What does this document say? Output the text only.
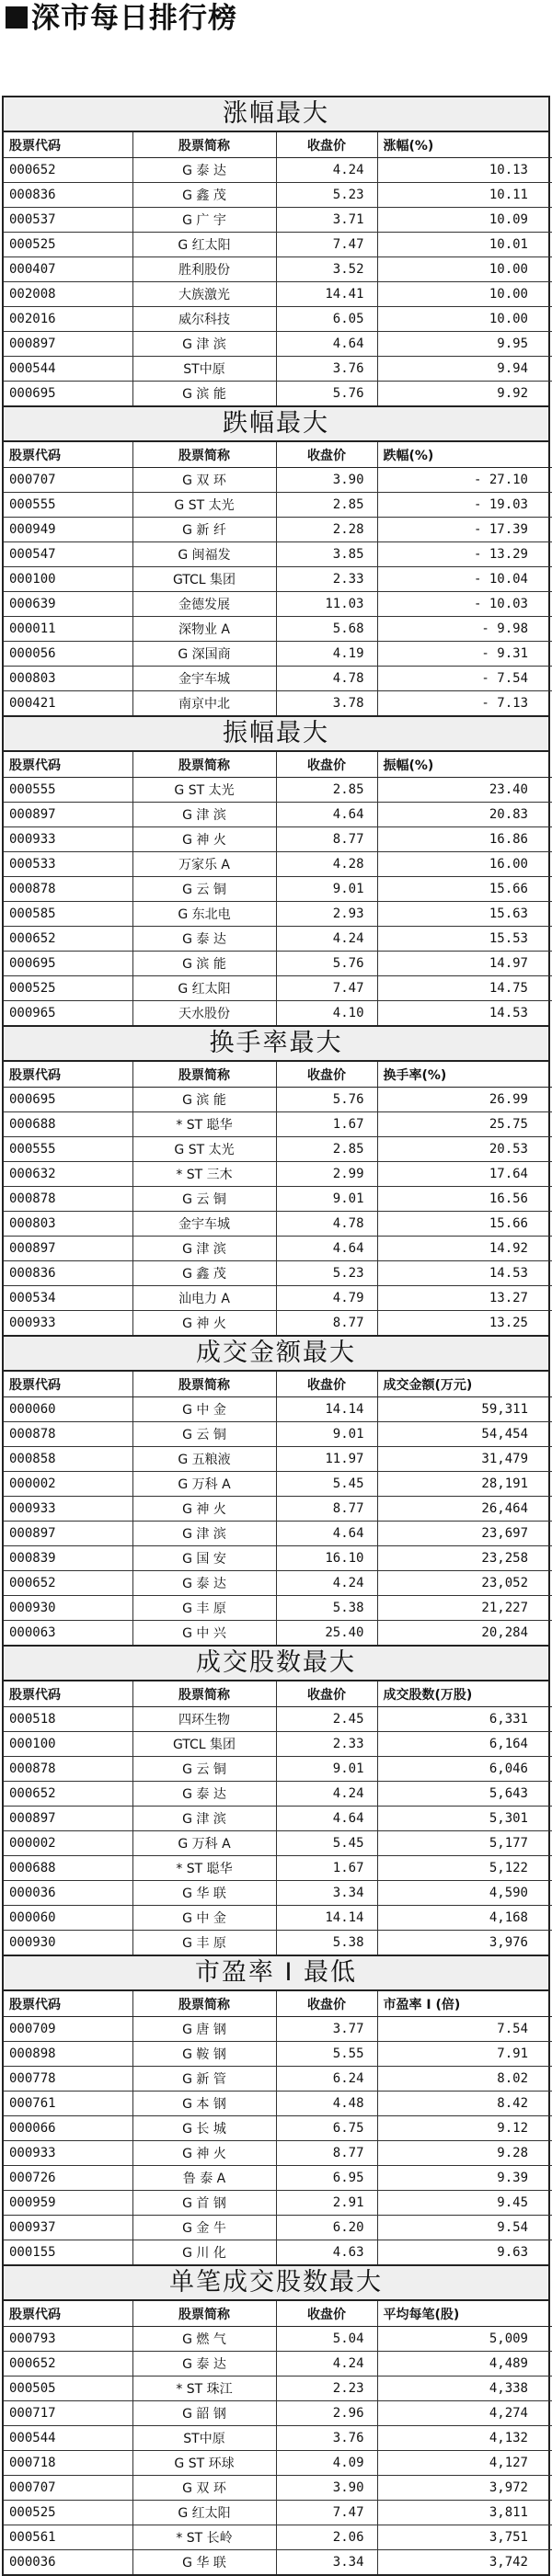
深市每日排行榜
涨幅最大
股票代码	股票简称	收盘价	涨幅(%)
000652	G 泰 达	4.24	10.13
000836	G 鑫 茂	5.23	10.11
000537	G 广 宇	3.71	10.09
000525	G 红太阳	7.47	10.01
000407	胜利股份	3.52	10.00
002008	大族激光	14.41	10.00
002016	威尔科技	6.05	10.00
000897	G 津 滨	4.64	9.95
000544	ST中原	3.76	9.94
000695	G 滨 能	5.76	9.92
跌幅最大
股票代码	股票简称	收盘价	跌幅(%)
000707	G 双 环	3.90	- 27.10
000555	G ST 太光	2.85	- 19.03
000949	G 新 纤	2.28	- 17.39
000547	G 闽福发	3.85	- 13.29
000100	GTCL 集团	2.33	- 10.04
000639	金德发展	11.03	- 10.03
000011	深物业 A	5.68	- 9.98
000056	G 深国商	4.19	- 9.31
000803	金宇车城	4.78	- 7.54
000421	南京中北	3.78	- 7.13
振幅最大
股票代码	股票简称	收盘价	振幅(%)
000555	G ST 太光	2.85	23.40
000897	G 津 滨	4.64	20.83
000933	G 神 火	8.77	16.86
000533	万家乐 A	4.28	16.00
000878	G 云 铜	9.01	15.66
000585	G 东北电	2.93	15.63
000652	G 泰 达	4.24	15.53
000695	G 滨 能	5.76	14.97
000525	G 红太阳	7.47	14.75
000965	天水股份	4.10	14.53
换手率最大
股票代码	股票简称	收盘价	换手率(%)
000695	G 滨 能	5.76	26.99
000688	* ST 聪华	1.67	25.75
000555	G ST 太光	2.85	20.53
000632	* ST 三木	2.99	17.64
000878	G 云 铜	9.01	16.56
000803	金宇车城	4.78	15.66
000897	G 津 滨	4.64	14.92
000836	G 鑫 茂	5.23	14.53
000534	汕电力 A	4.79	13.27
000933	G 神 火	8.77	13.25
成交金额最大
股票代码	股票简称	收盘价	成交金额(万元)
000060	G 中 金	14.14	59,311
000878	G 云 铜	9.01	54,454
000858	G 五粮液	11.97	31,479
000002	G 万科 A	5.45	28,191
000933	G 神 火	8.77	26,464
000897	G 津 滨	4.64	23,697
000839	G 国 安	16.10	23,258
000652	G 泰 达	4.24	23,052
000930	G 丰 原	5.38	21,227
000063	G 中 兴	25.40	20,284
成交股数最大
股票代码	股票简称	收盘价	成交股数(万股)
000518	四环生物	2.45	6,331
000100	GTCL 集团	2.33	6,164
000878	G 云 铜	9.01	6,046
000652	G 泰 达	4.24	5,643
000897	G 津 滨	4.64	5,301
000002	G 万科 A	5.45	5,177
000688	* ST 聪华	1.67	5,122
000036	G 华 联	3.34	4,590
000060	G 中 金	14.14	4,168
000930	G 丰 原	5.38	3,976
市盈率 I 最低
股票代码	股票简称	收盘价	市盈率 I (倍)
000709	G 唐 钢	3.77	7.54
000898	G 鞍 钢	5.55	7.91
000778	G 新 管	6.24	8.02
000761	G 本 钢	4.48	8.42
000066	G 长 城	6.75	9.12
000933	G 神 火	8.77	9.28
000726	鲁 泰 A	6.95	9.39
000959	G 首 钢	2.91	9.45
000937	G 金 牛	6.20	9.54
000155	G 川 化	4.63	9.63
单笔成交股数最大
股票代码	股票简称	收盘价	平均每笔(股)
000793	G 燃 气	5.04	5,009
000652	G 泰 达	4.24	4,489
000505	* ST 珠江	2.23	4,338
000717	G 韶 钢	2.96	4,274
000544	ST中原	3.76	4,132
000718	G ST 环球	4.09	4,127
000707	G 双 环	3.90	3,972
000525	G 红太阳	7.47	3,811
000561	* ST 长岭	2.06	3,751
000036	G 华 联	3.34	3,742
